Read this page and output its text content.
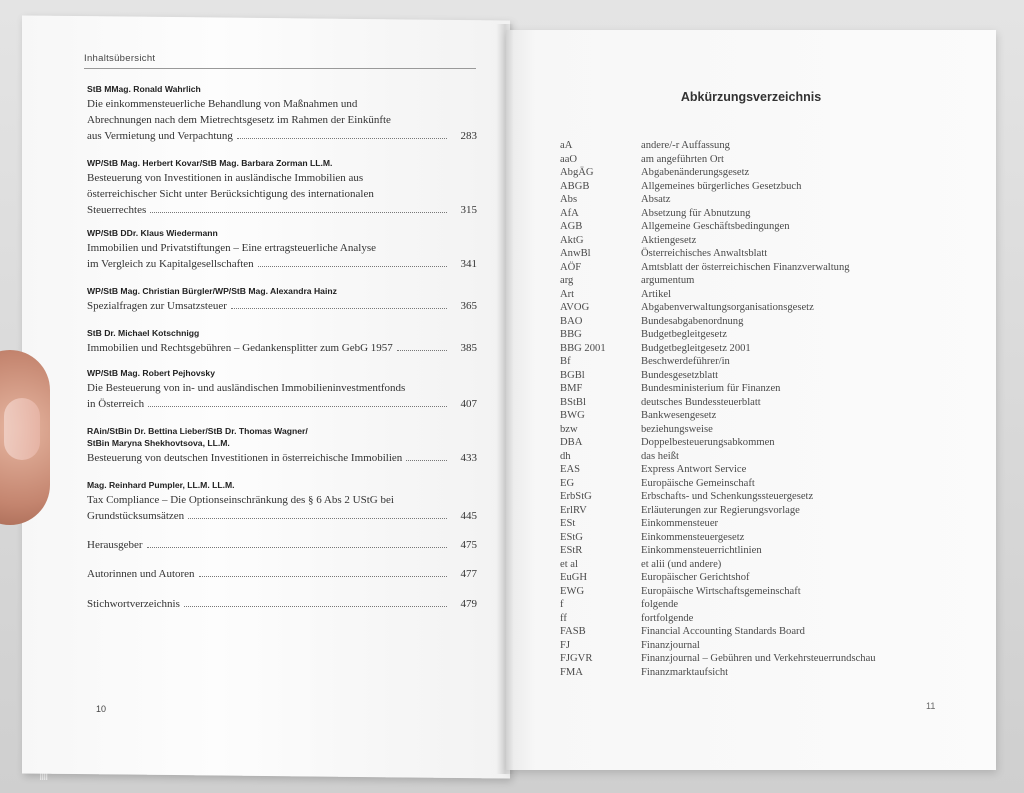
Inhaltsübersicht
StB MMag. Ronald Wahrlich
Die einkommensteuerliche Behandlung von Maßnahmen und
Abrechnungen nach dem Mietrechtsgesetz im Rahmen der Einkünfte
aus Vermietung und Verpachtung	283
WP/StB Mag. Herbert Kovar/StB Mag. Barbara Zorman LL.M.
Besteuerung von Investitionen in ausländische Immobilien aus
österreichischer Sicht unter Berücksichtigung des internationalen
Steuerrechtes	315
WP/StB DDr. Klaus Wiedermann
Immobilien und Privatstiftungen – Eine ertragsteuerliche Analyse
im Vergleich zu Kapitalgesellschaften	341
WP/StB Mag. Christian Bürgler/WP/StB Mag. Alexandra Hainz
Spezialfragen zur Umsatzsteuer	365
StB Dr. Michael Kotschnigg
Immobilien und Rechtsgebühren – Gedankensplitter zum GebG 1957	385
WP/StB Mag. Robert Pejhovsky
Die Besteuerung von in- und ausländischen Immobilieninvestmentfonds
in Österreich	407
RAin/StBin Dr. Bettina Lieber/StB Dr. Thomas Wagner/
StBin Maryna Shekhovtsova, LL.M.
Besteuerung von deutschen Investitionen in österreichische Immobilien	433
Mag. Reinhard Pumpler, LL.M. LL.M.
Tax Compliance – Die Optionseinschränkung des § 6 Abs 2 UStG bei
Grundstücksumsätzen	445
Herausgeber	475
Autorinnen und Autoren	477
Stichwortverzeichnis	479
10
Abkürzungsverzeichnis
aA	andere/-r Auffassung
aaO	am angeführten Ort
AbgÄG	Abgabenänderungsgesetz
ABGB	Allgemeines bürgerliches Gesetzbuch
Abs	Absatz
AfA	Absetzung für Abnutzung
AGB	Allgemeine Geschäftsbedingungen
AktG	Aktiengesetz
AnwBl	Österreichisches Anwaltsblatt
AÖF	Amtsblatt der österreichischen Finanzverwaltung
arg	argumentum
Art	Artikel
AVOG	Abgabenverwaltungsorganisationsgesetz
BAO	Bundesabgabenordnung
BBG	Budgetbegleitgesetz
BBG 2001	Budgetbegleitgesetz 2001
Bf	Beschwerdeführer/in
BGBl	Bundesgesetzblatt
BMF	Bundesministerium für Finanzen
BStBl	deutsches Bundessteuerblatt
BWG	Bankwesengesetz
bzw	beziehungsweise
DBA	Doppelbesteuerungsabkommen
dh	das heißt
EAS	Express Antwort Service
EG	Europäische Gemeinschaft
ErbStG	Erbschafts- und Schenkungssteuergesetz
ErlRV	Erläuterungen zur Regierungsvorlage
ESt	Einkommensteuer
EStG	Einkommensteuergesetz
EStR	Einkommensteuerrichtlinien
et al	et alii (und andere)
EuGH	Europäischer Gerichtshof
EWG	Europäische Wirtschaftsgemeinschaft
f	folgende
ff	fortfolgende
FASB	Financial Accounting Standards Board
FJ	Finanzjournal
FJGVR	Finanzjournal – Gebühren und Verkehrsteuerrundschau
FMA	Finanzmarktaufsicht
11
